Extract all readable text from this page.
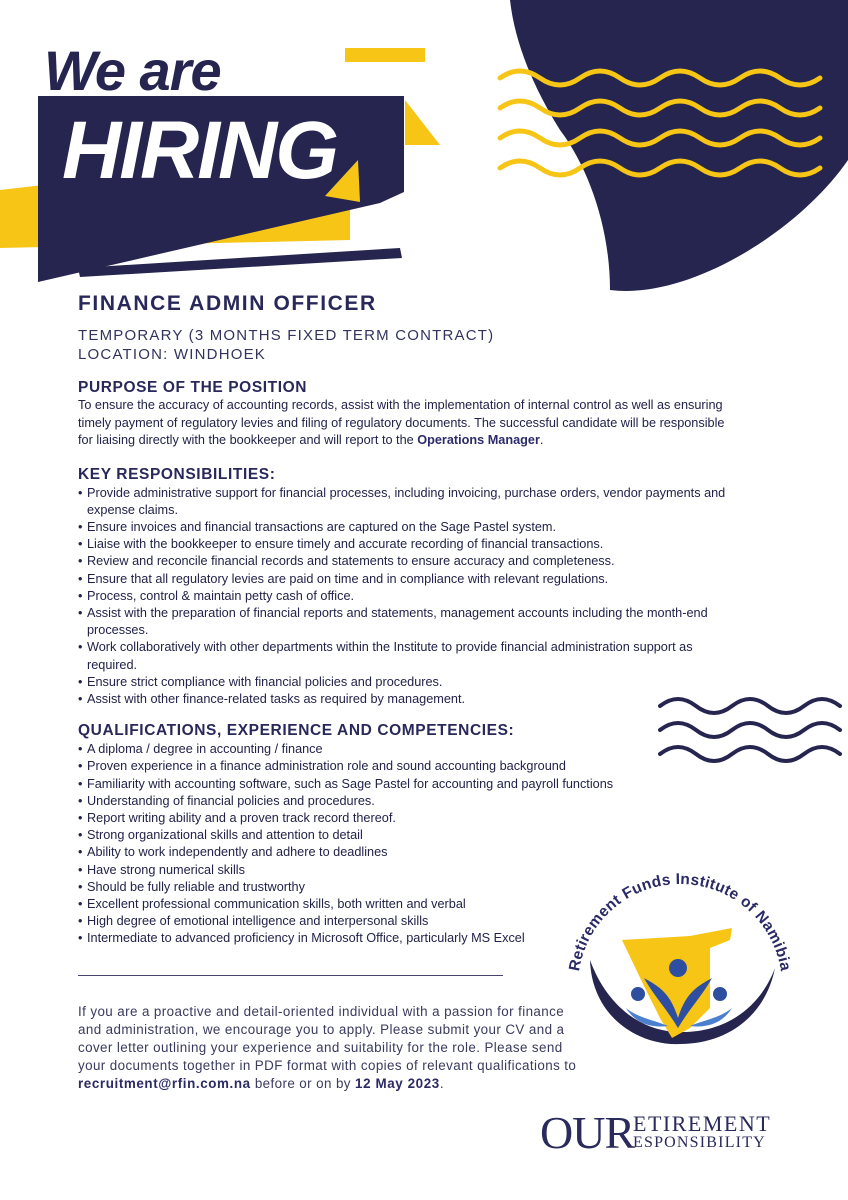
We are
HIRING
FINANCE ADMIN OFFICER
TEMPORARY (3 MONTHS FIXED TERM CONTRACT)
LOCATION: WINDHOEK
PURPOSE OF THE POSITION

To ensure the accuracy of accounting records, assist with the implementation of internal control as well as ensuring timely payment of regulatory levies and filing of regulatory documents. The successful candidate will be responsible for liaising directly with the bookkeeper and will report to the Operations Manager.

KEY RESPONSIBILITIES:
• Provide administrative support for financial processes, including invoicing, purchase orders, vendor payments and expense claims.
• Ensure invoices and financial transactions are captured on the Sage Pastel system.
• Liaise with the bookkeeper to ensure timely and accurate recording of financial transactions.
• Review and reconcile financial records and statements to ensure accuracy and completeness.
• Ensure that all regulatory levies are paid on time and in compliance with relevant regulations.
• Process, control & maintain petty cash of office.
• Assist with the preparation of financial reports and statements, management accounts including the month-end processes.
• Work collaboratively with other departments within the Institute to provide financial administration support as required.
• Ensure strict compliance with financial policies and procedures.
• Assist with other finance-related tasks as required by management.
QUALIFICATIONS, EXPERIENCE AND COMPETENCIES:
• A diploma / degree in accounting / finance
• Proven experience in a finance administration role and sound accounting background
• Familiarity with accounting software, such as Sage Pastel for accounting and payroll functions
• Understanding of financial policies and procedures.
• Report writing ability and a proven track record thereof.
• Strong organizational skills and attention to detail
• Ability to work independently and adhere to deadlines
• Have strong numerical skills
• Should be fully reliable and trustworthy
• Excellent professional communication skills, both written and verbal
• High degree of emotional intelligence and interpersonal skills
• Intermediate to advanced proficiency in Microsoft Office, particularly MS Excel

If you are a proactive and detail-oriented individual with a passion for finance and administration, we encourage you to apply. Please submit your CV and a cover letter outlining your experience and suitability for the role. Please send your documents together in PDF format with copies of relevant qualifications to recruitment@rfin.com.na before or on by 12 May 2023.

Retirement Funds Institute of Namibia
OUR
ETIREMENT
ESPONSIBILITY
